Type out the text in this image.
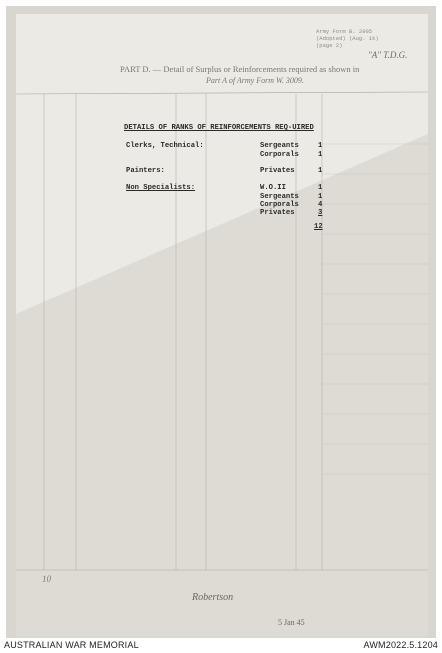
Army Form B. 2005
(Adopted) (Aug. 1k)
(page 2)
"A" T.D.G.
PART D. — Detail of Surplus or Reinforcements required as shown in
Part A of Army Form W. 3009.
DETAILS OF RANKS OF REINFORCEMENTS REQ-UIRED
Clerks, Technical:	Sergeants	1
Corporals	1
Painters:	Privates	1
Non Specialists:	W.O.II	1
Sergeants	1
Corporals	4
Privates	3
12
10
Robertson
5 Jan 45
AUSTRALIAN WAR MEMORIAL	AWM2022.5.1204
